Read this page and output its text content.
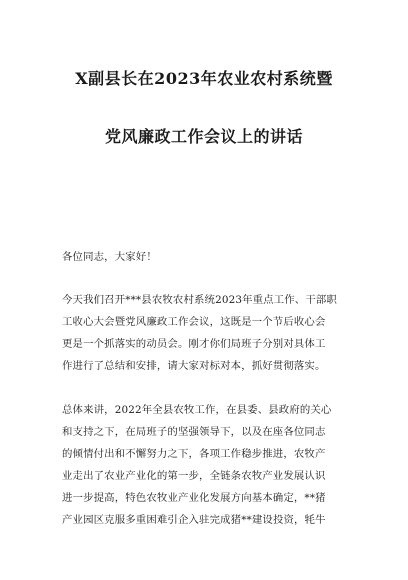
X副县长在2023年农业农村系统暨
党风廉政工作会议上的讲话
各位同志，大家好！
今天我们召开***县农牧农村系统2023年重点工作、干部职
工收心大会暨党风廉政工作会议，这既是一个节后收心会
更是一个抓落实的动员会。刚才你们局班子分别对具体工
作进行了总结和安排，请大家对标对本，抓好贯彻落实。
总体来讲，2022年全县农牧工作，在县委、县政府的关心
和支持之下，在局班子的坚强领导下，以及在座各位同志
的倾情付出和不懈努力之下，各项工作稳步推进，农牧产
业走出了农业产业化的第一步，全链条农牧产业发展认识
进一步提高，特色农牧业产业化发展方向基本确定，**猪
产业园区克服多重困难引企入驻完成猪**建设投资，牦牛
